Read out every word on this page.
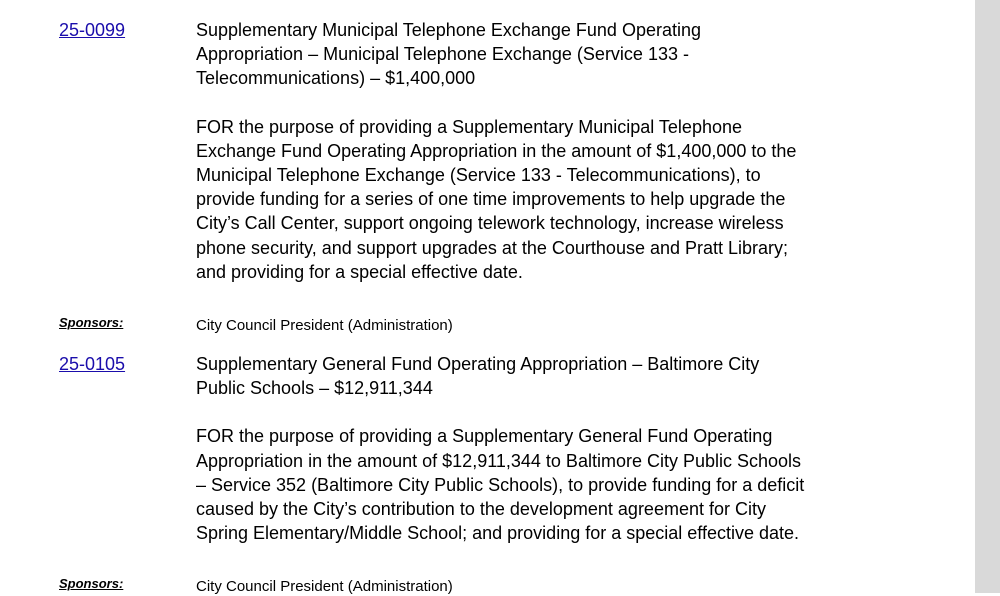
25-0099	Supplementary Municipal Telephone Exchange Fund Operating Appropriation – Municipal Telephone Exchange (Service 133 - Telecommunications) – $1,400,000

FOR the purpose of providing a Supplementary Municipal Telephone Exchange Fund Operating Appropriation in the amount of $1,400,000 to the Municipal Telephone Exchange (Service 133 - Telecommunications), to provide funding for a series of one time improvements to help upgrade the City’s Call Center, support ongoing telework technology, increase wireless phone security, and support upgrades at the Courthouse and Pratt Library; and providing for a special effective date.

Sponsors:	City Council President (Administration)
25-0105	Supplementary General Fund Operating Appropriation – Baltimore City Public Schools – $12,911,344

FOR the purpose of providing a Supplementary General Fund Operating Appropriation in the amount of $12,911,344 to Baltimore City Public Schools – Service 352 (Baltimore City Public Schools), to provide funding for a deficit caused by the City’s contribution to the development agreement for City Spring Elementary/Middle School; and providing for a special effective date.

Sponsors:	City Council President (Administration)
